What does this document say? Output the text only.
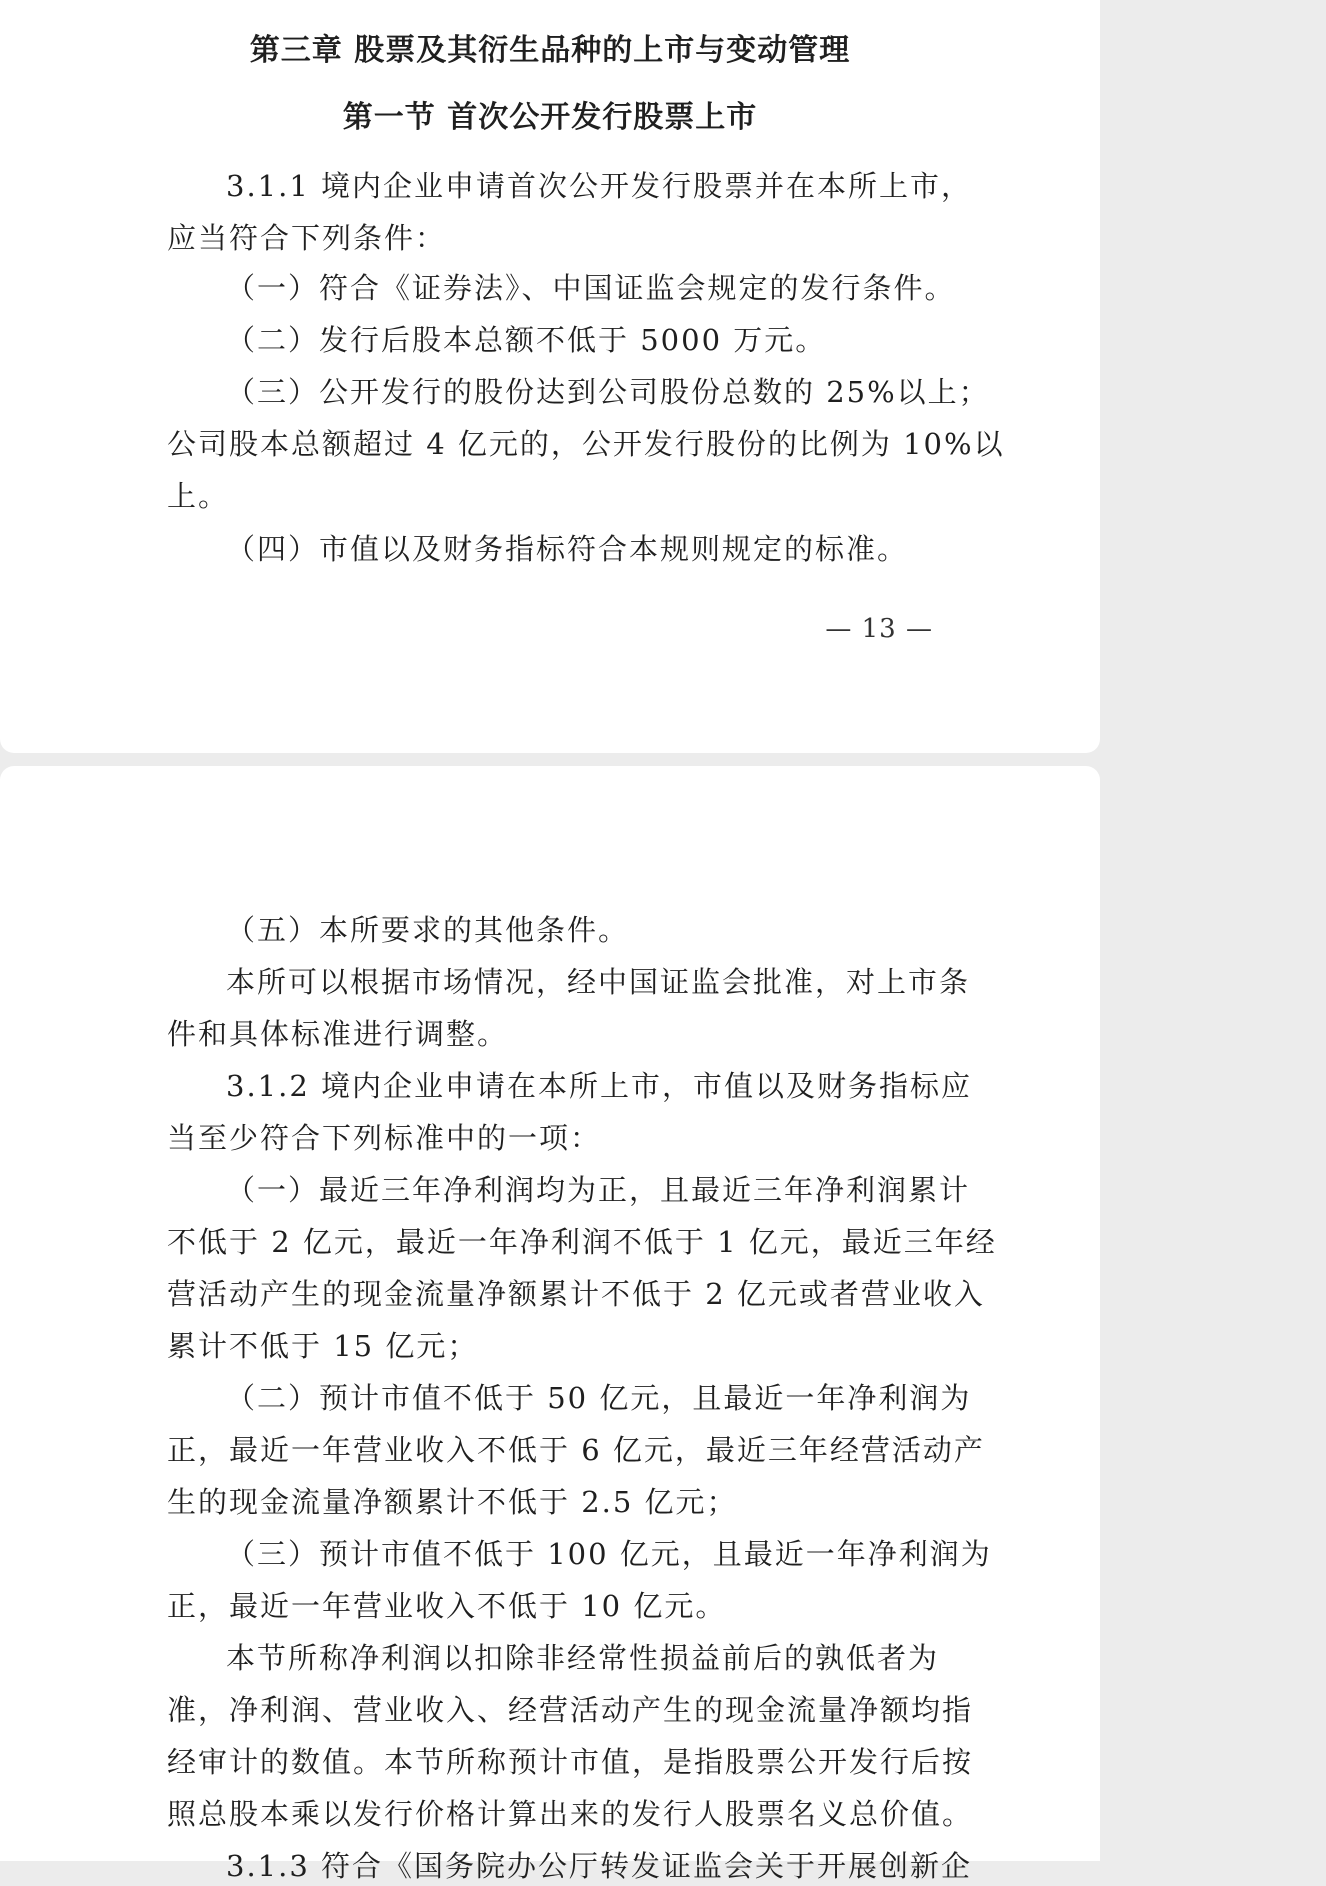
第三章 股票及其衍生品种的上市与变动管理
第一节 首次公开发行股票上市
3.1.1 境内企业申请首次公开发行股票并在本所上市，
应当符合下列条件：
（一）符合《证券法》、中国证监会规定的发行条件。
（二）发行后股本总额不低于 5000 万元。
（三）公开发行的股份达到公司股份总数的 25%以上；
公司股本总额超过 4 亿元的，公开发行股份的比例为 10%以
上。
（四）市值以及财务指标符合本规则规定的标准。
— 13 —
（五）本所要求的其他条件。
本所可以根据市场情况，经中国证监会批准，对上市条
件和具体标准进行调整。
3.1.2 境内企业申请在本所上市，市值以及财务指标应
当至少符合下列标准中的一项：
（一）最近三年净利润均为正，且最近三年净利润累计
不低于 2 亿元，最近一年净利润不低于 1 亿元，最近三年经
营活动产生的现金流量净额累计不低于 2 亿元或者营业收入
累计不低于 15 亿元；
（二）预计市值不低于 50 亿元，且最近一年净利润为
正，最近一年营业收入不低于 6 亿元，最近三年经营活动产
生的现金流量净额累计不低于 2.5 亿元；
（三）预计市值不低于 100 亿元，且最近一年净利润为
正，最近一年营业收入不低于 10 亿元。
本节所称净利润以扣除非经常性损益前后的孰低者为
准，净利润、营业收入、经营活动产生的现金流量净额均指
经审计的数值。本节所称预计市值，是指股票公开发行后按
照总股本乘以发行价格计算出来的发行人股票名义总价值。
3.1.3 符合《国务院办公厅转发证监会关于开展创新企
